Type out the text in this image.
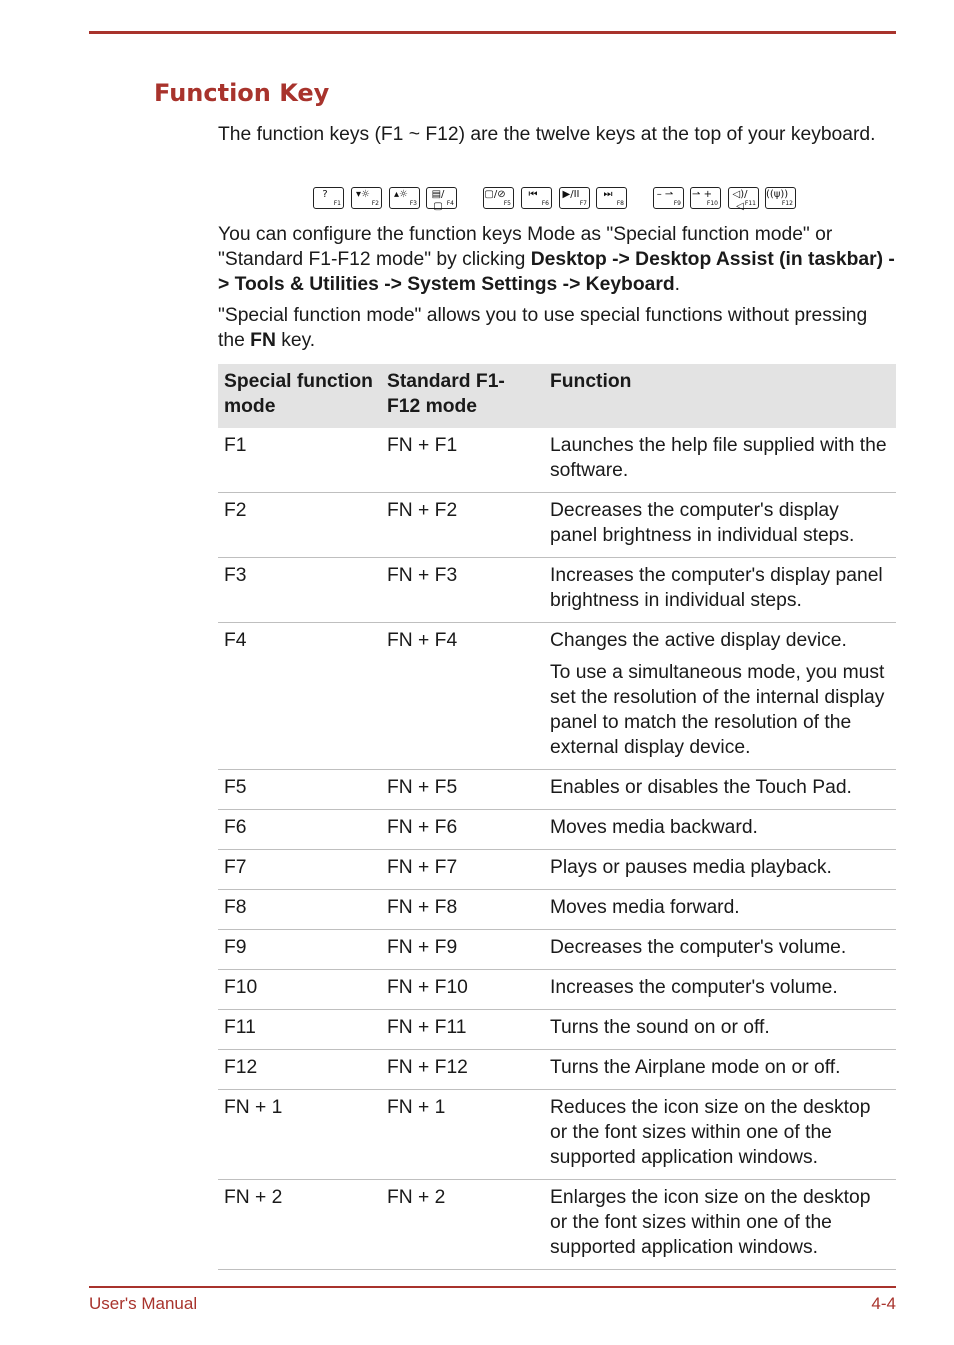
Function Key

The function keys (F1 ~ F12) are the twelve keys at the top of your keyboard.

?
F1
▾☼
F2
▴☼
F3
▤/▢ F4
▢/⊘
F5
⏮
F6
▶/II
F7
⏭
F8
– ⇀
F9
⇀ +
F10
◁)/◁ F11
((ψ))
F12

You can configure the function keys Mode as "Special function mode" or "Standard F1-F12 mode" by clicking Desktop -> Desktop Assist (in taskbar) -> Tools & Utilities -> System Settings -> Keyboard.

"Special function mode" allows you to use special functions without pressing the FN key.

Special function mode	Standard F1-F12 mode	Function
F1	FN + F1	Launches the help file supplied with the software.

F2	FN + F2	Decreases the computer's display panel brightness in individual steps.

F3	FN + F3	Increases the computer's display panel brightness in individual steps.

F4	FN + F4	Changes the active display device.

To use a simultaneous mode, you must set the resolution of the internal display panel to match the resolution of the external display device.

F5	FN + F5	Enables or disables the Touch Pad.

F6	FN + F6	Moves media backward.

F7	FN + F7	Plays or pauses media playback.

F8	FN + F8	Moves media forward.

F9	FN + F9	Decreases the computer's volume.

F10	FN + F10	Increases the computer's volume.

F11	FN + F11	Turns the sound on or off.

F12	FN + F12	Turns the Airplane mode on or off.

FN + 1	FN + 1	Reduces the icon size on the desktop or the font sizes within one of the supported application windows.

FN + 2	FN + 2	Enlarges the icon size on the desktop or the font sizes within one of the supported application windows.

User's Manual	4-4
